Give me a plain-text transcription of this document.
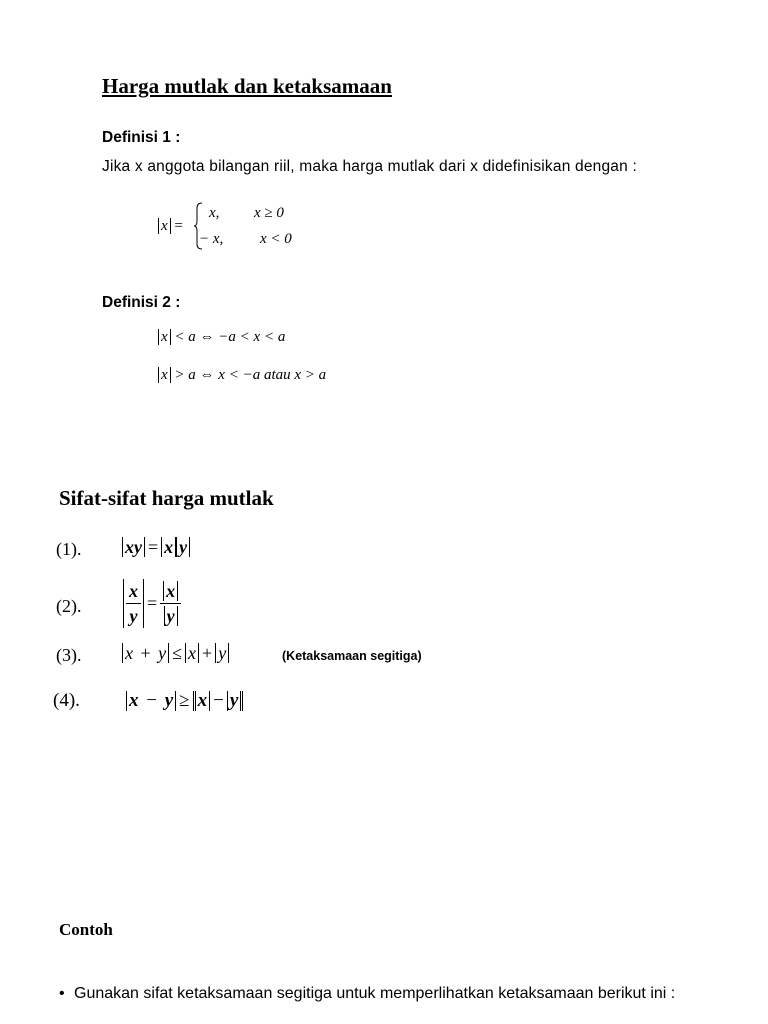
Harga mutlak dan ketaksamaan
Definisi 1 :
Jika x anggota bilangan riil, maka harga mutlak dari x didefinisikan dengan :
x =
x, x ≥ 0
− x, x < 0
Definisi 2 :
x < a ⇔ −a < x < a
x > a ⇔ x < −a atau x > a
Sifat-sifat harga mutlak
(1). xy = x y
(2). $\frac{x}{y} = \frac{x}{y}$
(3). x + y ≤ x + y	(Ketaksamaan segitiga)
(4).	x − y ≥ x − y
Contoh
• Gunakan sifat ketaksamaan segitiga untuk memperlihatkan ketaksamaan berikut ini :
